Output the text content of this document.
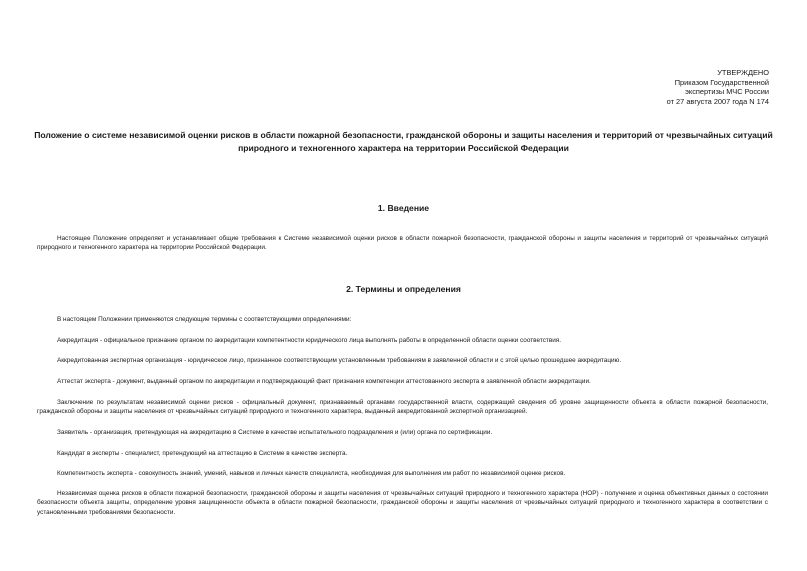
УТВЕРЖДЕНО
Приказом Государственной
экспертизы МЧС России
от 27 августа 2007 года N 174
Положение о системе независимой оценки рисков в области пожарной безопасности, гражданской обороны и защиты населения и территорий от чрезвычайных ситуаций природного и техногенного характера на территории Российской Федерации
1. Введение
Настоящее Положение определяет и устанавливает общие требования к Системе независимой оценки рисков в области пожарной безопасности, гражданской обороны и защиты населения и территорий от чрезвычайных ситуаций природного и техногенного характера на территории Российской Федерации.
2. Термины и определения
В настоящем Положении применяются следующие термины с соответствующими определениями:
Аккредитация - официальное признание органом по аккредитации компетентности юридического лица выполнять работы в определенной области оценки соответствия.
Аккредитованная экспертная организация - юридическое лицо, признанное соответствующим установленным требованиям в заявленной области и с этой целью прошедшее аккредитацию.
Аттестат эксперта - документ, выданный органом по аккредитации и подтверждающий факт признания компетенции аттестованного эксперта в заявленной области аккредитации.
Заключение по результатам независимой оценки рисков - официальный документ, признаваемый органами государственной власти, содержащий сведения об уровне защищенности объекта в области пожарной безопасности, гражданской обороны и защиты населения от чрезвычайных ситуаций природного и техногенного характера, выданный аккредитованной экспертной организацией.
Заявитель - организация, претендующая на аккредитацию в Системе в качестве испытательного подразделения и (или) органа по сертификации.
Кандидат в эксперты - специалист, претендующий на аттестацию в Системе в качестве эксперта.
Компетентность эксперта - совокупность знаний, умений, навыков и личных качеств специалиста, необходимая для выполнения им работ по независимой оценке рисков.
Независимая оценка рисков в области пожарной безопасности, гражданской обороны и защиты населения от чрезвычайных ситуаций природного и техногенного характера (НОР) - получение и оценка объективных данных о состоянии безопасности объекта защиты, определение уровня защищенности объекта в области пожарной безопасности, гражданской обороны и защиты населения от чрезвычайных ситуаций природного и техногенного характера в соответствии с установленными требованиями безопасности.
